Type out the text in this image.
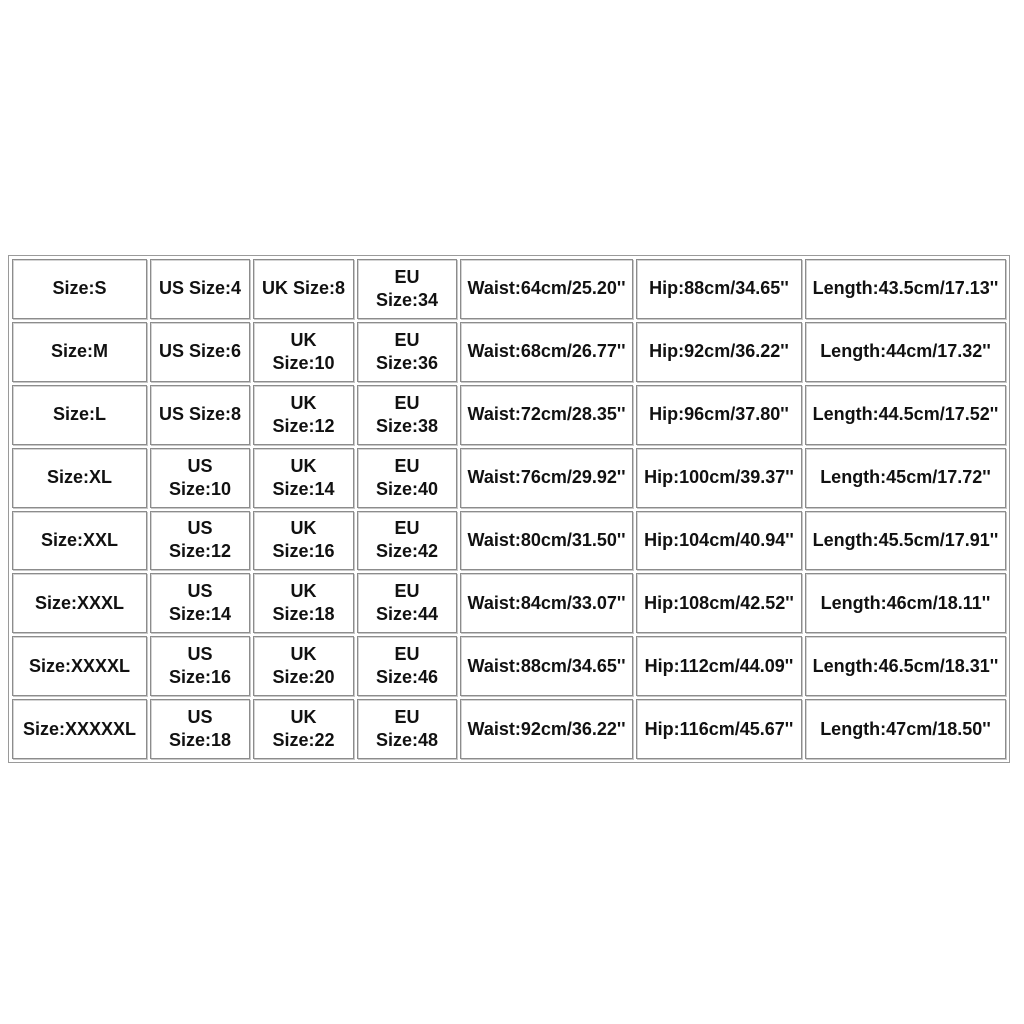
Size:S	US Size:4	UK Size:8	EU Size:34	Waist:64cm/25.20''	Hip:88cm/34.65''	Length:43.5cm/17.13''
Size:M	US Size:6	UK Size:10	EU Size:36	Waist:68cm/26.77''	Hip:92cm/36.22''	Length:44cm/17.32''
Size:L	US Size:8	UK Size:12	EU Size:38	Waist:72cm/28.35''	Hip:96cm/37.80''	Length:44.5cm/17.52''
Size:XL	US Size:10	UK Size:14	EU Size:40	Waist:76cm/29.92''	Hip:100cm/39.37''	Length:45cm/17.72''
Size:XXL	US Size:12	UK Size:16	EU Size:42	Waist:80cm/31.50''	Hip:104cm/40.94''	Length:45.5cm/17.91''
Size:XXXL	US Size:14	UK Size:18	EU Size:44	Waist:84cm/33.07''	Hip:108cm/42.52''	Length:46cm/18.11''
Size:XXXXL	US Size:16	UK Size:20	EU Size:46	Waist:88cm/34.65''	Hip:112cm/44.09''	Length:46.5cm/18.31''
Size:XXXXXL	US Size:18	UK Size:22	EU Size:48	Waist:92cm/36.22''	Hip:116cm/45.67''	Length:47cm/18.50''
